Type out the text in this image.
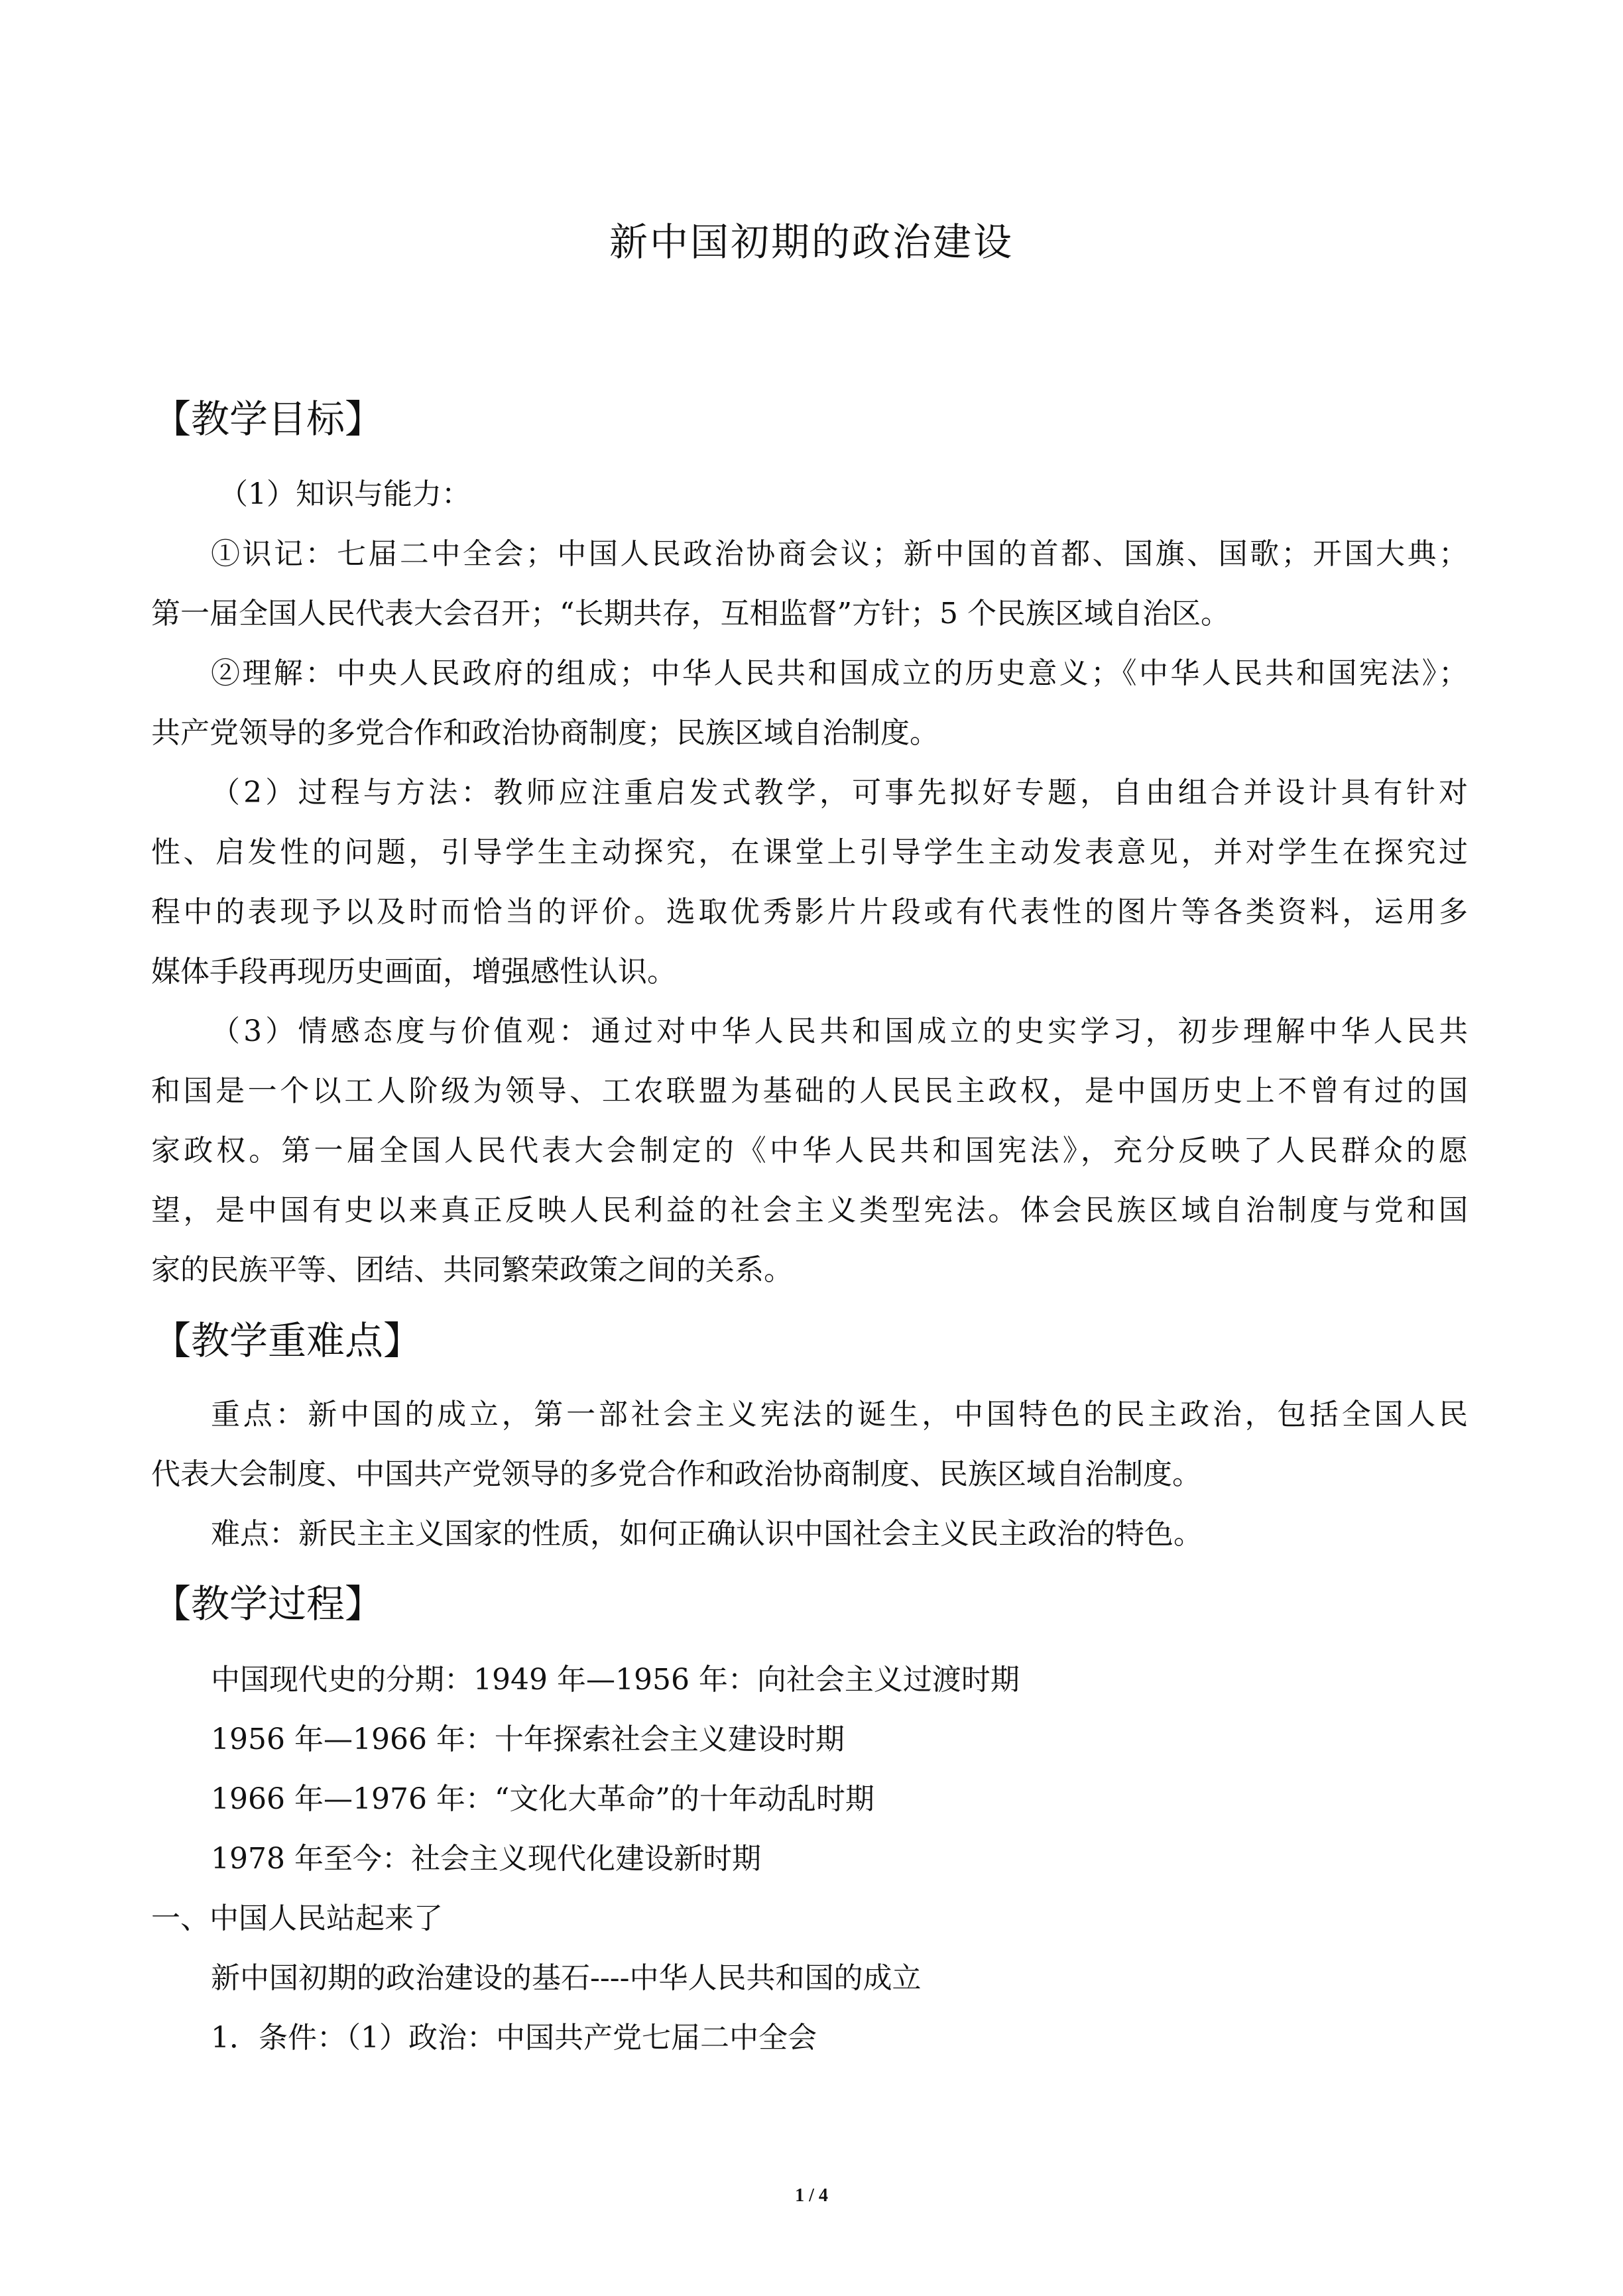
新中国初期的政治建设
【教学目标】
（1）知识与能力：
①识记：七届二中全会；中国人民政治协商会议；新中国的首都、国旗、国歌；开国大典；
第一届全国人民代表大会召开；“长期共存，互相监督”方针；5 个民族区域自治区。
②理解：中央人民政府的组成；中华人民共和国成立的历史意义；《中华人民共和国宪法》；
共产党领导的多党合作和政治协商制度；民族区域自治制度。
（2）过程与方法：教师应注重启发式教学，可事先拟好专题，自由组合并设计具有针对
性、启发性的问题，引导学生主动探究，在课堂上引导学生主动发表意见，并对学生在探究过
程中的表现予以及时而恰当的评价。选取优秀影片片段或有代表性的图片等各类资料，运用多
媒体手段再现历史画面，增强感性认识。
（3）情感态度与价值观：通过对中华人民共和国成立的史实学习，初步理解中华人民共
和国是一个以工人阶级为领导、工农联盟为基础的人民民主政权，是中国历史上不曾有过的国
家政权。第一届全国人民代表大会制定的《中华人民共和国宪法》，充分反映了人民群众的愿
望，是中国有史以来真正反映人民利益的社会主义类型宪法。体会民族区域自治制度与党和国
家的民族平等、团结、共同繁荣政策之间的关系。
【教学重难点】
重点：新中国的成立，第一部社会主义宪法的诞生，中国特色的民主政治，包括全国人民
代表大会制度、中国共产党领导的多党合作和政治协商制度、民族区域自治制度。
难点：新民主主义国家的性质，如何正确认识中国社会主义民主政治的特色。
【教学过程】
中国现代史的分期：1949 年—1956 年：向社会主义过渡时期
1956 年—1966 年：十年探索社会主义建设时期
1966 年—1976 年：“文化大革命”的十年动乱时期
1978 年至今：社会主义现代化建设新时期
一、中国人民站起来了
新中国初期的政治建设的基石----中华人民共和国的成立
1．条件：（1）政治：中国共产党七届二中全会
1 / 4
